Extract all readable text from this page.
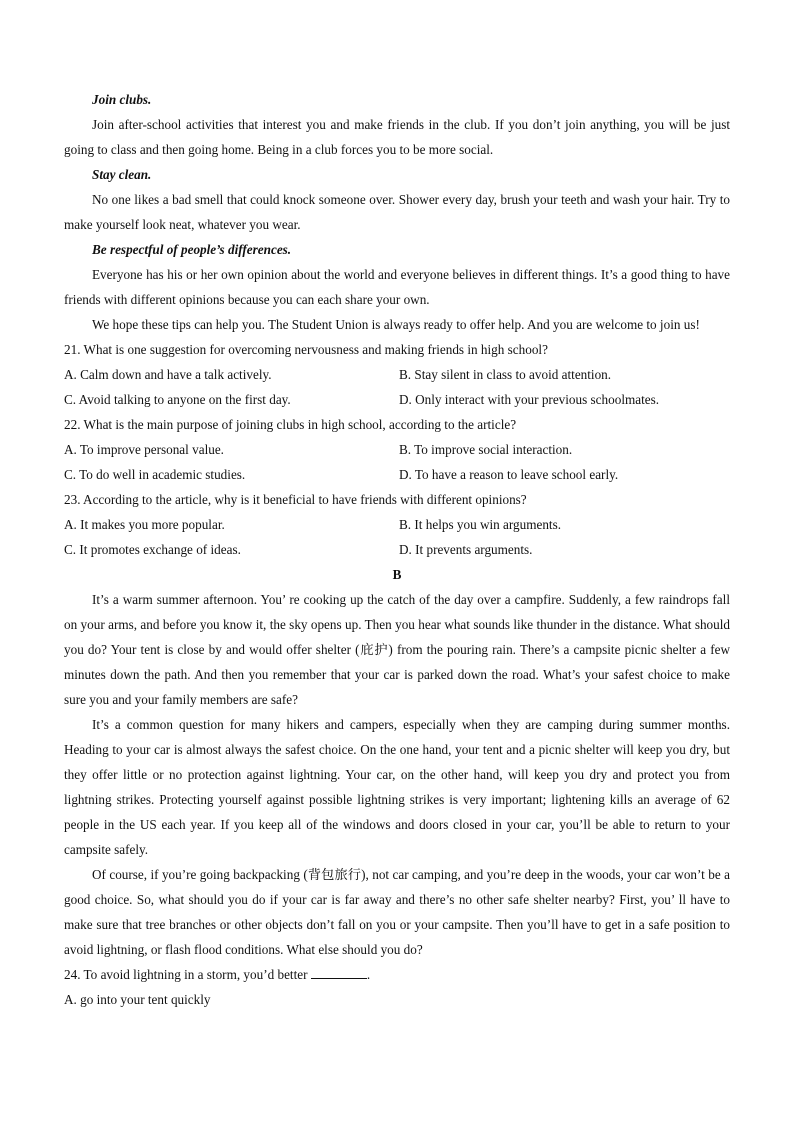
Join clubs.

Join after-school activities that interest you and make friends in the club. If you don’t join anything, you will be just going to class and then going home. Being in a club forces you to be more social.

Stay clean.

No one likes a bad smell that could knock someone over. Shower every day, brush your teeth and wash your hair. Try to make yourself look neat, whatever you wear.

Be respectful of people’s differences.

Everyone has his or her own opinion about the world and everyone believes in different things. It’s a good thing to have friends with different opinions because you can each share your own.

We hope these tips can help you. The Student Union is always ready to offer help. And you are welcome to join us!

21. What is one suggestion for overcoming nervousness and making friends in high school?
A. Calm down and have a talk actively.	B. Stay silent in class to avoid attention.
C. Avoid talking to anyone on the first day.	D. Only interact with your previous schoolmates.
22. What is the main purpose of joining clubs in high school, according to the article?
A. To improve personal value.	B. To improve social interaction.
C. To do well in academic studies.	D. To have a reason to leave school early.
23. According to the article, why is it beneficial to have friends with different opinions?
A. It makes you more popular.	B. It helps you win arguments.
C. It promotes exchange of ideas.	D. It prevents arguments.
B

It’s a warm summer afternoon. You’ re cooking up the catch of the day over a campfire. Suddenly, a few raindrops fall on your arms, and before you know it, the sky opens up. Then you hear what sounds like thunder in the distance. What should you do? Your tent is close by and would offer shelter (庇护) from the pouring rain. There’s a campsite picnic shelter a few minutes down the path. And then you remember that your car is parked down the road. What’s your safest choice to make sure you and your family members are safe?

It’s a common question for many hikers and campers, especially when they are camping during summer months. Heading to your car is almost always the safest choice. On the one hand, your tent and a picnic shelter will keep you dry, but they offer little or no protection against lightning. Your car, on the other hand, will keep you dry and protect you from lightning strikes. Protecting yourself against possible lightning strikes is very important; lightening kills an average of 62 people in the US each year. If you keep all of the windows and doors closed in your car, you’ll be able to return to your campsite safely.

Of course, if you’re going backpacking (背包旅行), not car camping, and you’re deep in the woods, your car won’t be a good choice. So, what should you do if your car is far away and there’s no other safe shelter nearby? First, you’ ll have to make sure that tree branches or other objects don’t fall on you or your campsite. Then you’ll have to get in a safe position to avoid lightning, or flash flood conditions. What else should you do?

24. To avoid lightning in a storm, you’d better	.
A. go into your tent quickly
